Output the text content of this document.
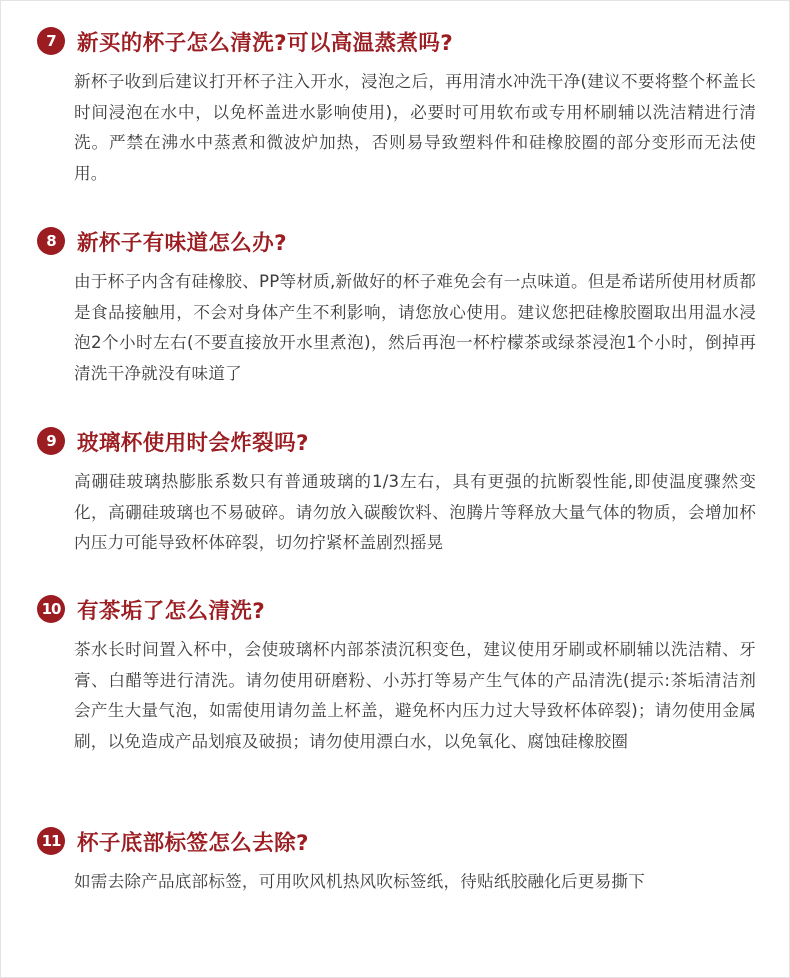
7 新买的杯子怎么清洗?可以高温蒸煮吗?

新杯子收到后建议打开杯子注入开水，浸泡之后，再用清水冲洗干净(建议不要将整个杯盖长时间浸泡在水中，以免杯盖进水影响使用)，必要时可用软布或专用杯刷辅以洗洁精进行清洗。严禁在沸水中蒸煮和微波炉加热，否则易导致塑料件和硅橡胶圈的部分变形而无法使用。

8 新杯子有味道怎么办?

由于杯子内含有硅橡胶、PP等材质,新做好的杯子难免会有一点味道。但是希诺所使用材质都是食品接触用，不会对身体产生不利影响，请您放心使用。建议您把硅橡胶圈取出用温水浸泡2个小时左右(不要直接放开水里煮泡)，然后再泡一杯柠檬茶或绿茶浸泡1个小时，倒掉再清洗干净就没有味道了

9 玻璃杯使用时会炸裂吗?

高硼硅玻璃热膨胀系数只有普通玻璃的1/3左右，具有更强的抗断裂性能,即使温度骤然变化，高硼硅玻璃也不易破碎。请勿放入碳酸饮料、泡腾片等释放大量气体的物质，会增加杯内压力可能导致杯体碎裂，切勿拧紧杯盖剧烈摇晃

10 有茶垢了怎么清洗?

茶水长时间置入杯中，会使玻璃杯内部茶渍沉积变色，建议使用牙刷或杯刷辅以洗洁精、牙膏、白醋等进行清洗。请勿使用研磨粉、小苏打等易产生气体的产品清洗(提示:茶垢清洁剂会产生大量气泡，如需使用请勿盖上杯盖，避免杯内压力过大导致杯体碎裂)；请勿使用金属刷，以免造成产品划痕及破损；请勿使用漂白水，以免氧化、腐蚀硅橡胶圈

11 杯子底部标签怎么去除?

如需去除产品底部标签，可用吹风机热风吹标签纸，待贴纸胶融化后更易撕下
